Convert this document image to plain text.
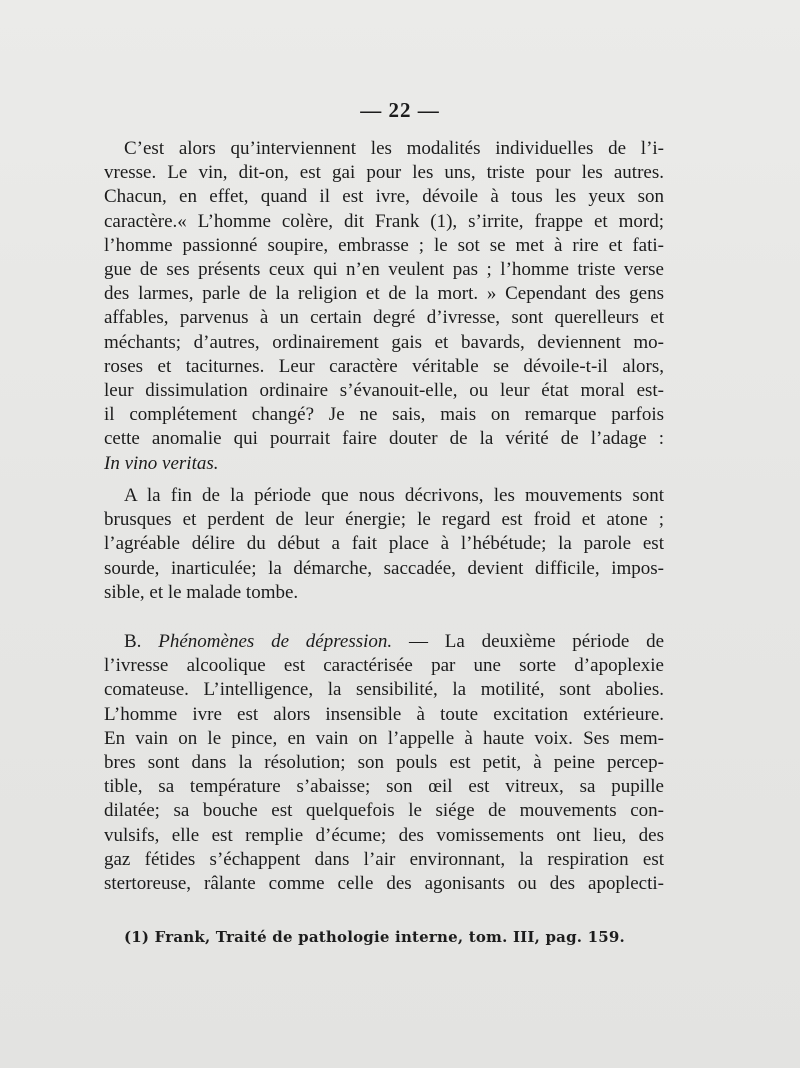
— 22 —
C’est alors qu’interviennent les modalités individuelles de l’i-
vresse. Le vin, dit-on, est gai pour les uns, triste pour les autres.
Chacun, en effet, quand il est ivre, dévoile à tous les yeux son
caractère.« L’homme colère, dit Frank (1), s’irrite, frappe et mord;
l’homme passionné soupire, embrasse ; le sot se met à rire et fati-
gue de ses présents ceux qui n’en veulent pas ; l’homme triste verse
des larmes, parle de la religion et de la mort. » Cependant des gens
affables, parvenus à un certain degré d’ivresse, sont querelleurs et
méchants; d’autres, ordinairement gais et bavards, deviennent mo-
roses et taciturnes. Leur caractère véritable se dévoile-t-il alors,
leur dissimulation ordinaire s’évanouit-elle, ou leur état moral est-
il complétement changé? Je ne sais, mais on remarque parfois
cette anomalie qui pourrait faire douter de la vérité de l’adage :
In vino veritas.
A la fin de la période que nous décrivons, les mouvements sont
brusques et perdent de leur énergie; le regard est froid et atone ;
l’agréable délire du début a fait place à l’hébétude; la parole est
sourde, inarticulée; la démarche, saccadée, devient difficile, impos-
sible, et le malade tombe.
B. Phénomènes de dépression. — La deuxième période de
l’ivresse alcoolique est caractérisée par une sorte d’apoplexie
comateuse. L’intelligence, la sensibilité, la motilité, sont abolies.
L’homme ivre est alors insensible à toute excitation extérieure.
En vain on le pince, en vain on l’appelle à haute voix. Ses mem-
bres sont dans la résolution; son pouls est petit, à peine percep-
tible, sa température s’abaisse; son œil est vitreux, sa pupille
dilatée; sa bouche est quelquefois le siége de mouvements con-
vulsifs, elle est remplie d’écume; des vomissements ont lieu, des
gaz fétides s’échappent dans l’air environnant, la respiration est
stertoreuse, râlante comme celle des agonisants ou des apoplecti-
(1) Frank, Traité de pathologie interne, tom. III, pag. 159.
